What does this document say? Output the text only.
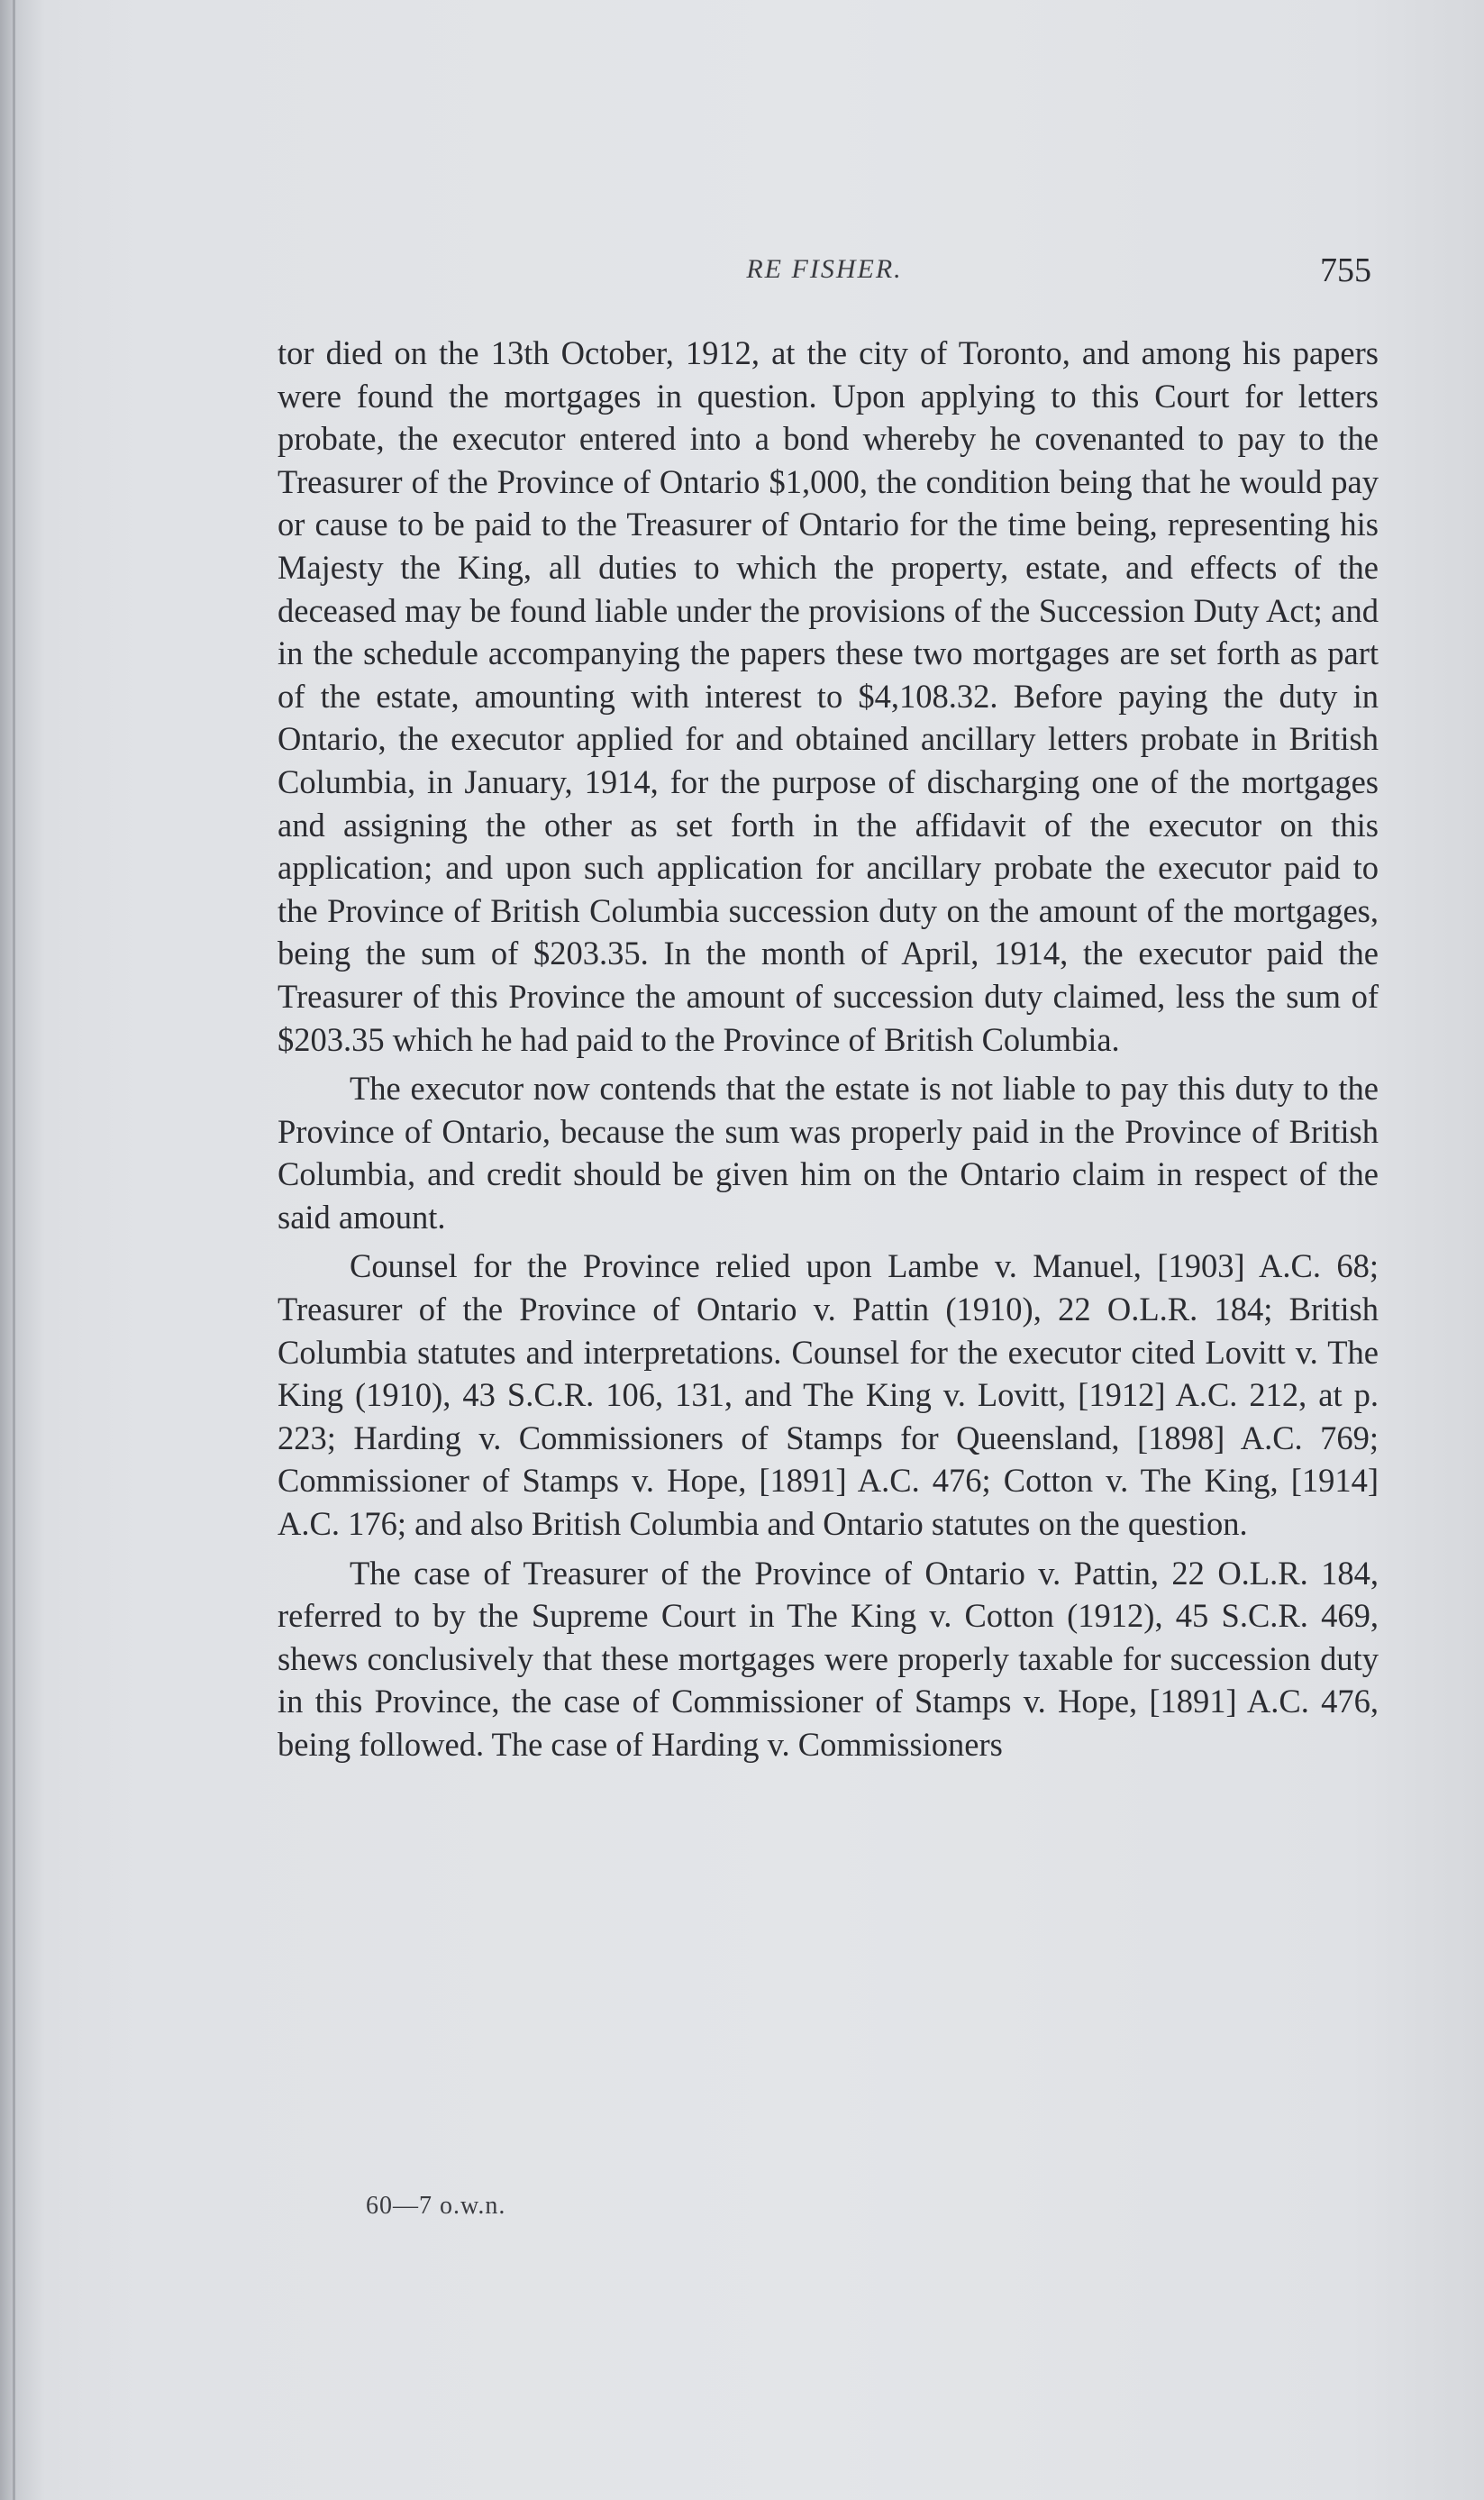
RE FISHER.	755

tor died on the 13th October, 1912, at the city of Toronto, and among his papers were found the mortgages in question. Upon applying to this Court for letters probate, the executor entered into a bond whereby he covenanted to pay to the Treasurer of the Province of Ontario $1,000, the condition being that he would pay or cause to be paid to the Treasurer of Ontario for the time being, representing his Majesty the King, all duties to which the property, estate, and effects of the deceased may be found liable under the provisions of the Succession Duty Act; and in the schedule accompanying the papers these two mortgages are set forth as part of the estate, amounting with interest to $4,108.32. Before paying the duty in Ontario, the executor applied for and obtained ancillary letters probate in British Columbia, in January, 1914, for the purpose of discharging one of the mortgages and assigning the other as set forth in the affidavit of the executor on this application; and upon such application for ancillary probate the executor paid to the Province of British Columbia succession duty on the amount of the mortgages, being the sum of $203.35. In the month of April, 1914, the executor paid the Treasurer of this Province the amount of succession duty claimed, less the sum of $203.35 which he had paid to the Province of British Columbia.

The executor now contends that the estate is not liable to pay this duty to the Province of Ontario, because the sum was properly paid in the Province of British Columbia, and credit should be given him on the Ontario claim in respect of the said amount.

Counsel for the Province relied upon Lambe v. Manuel, [1903] A.C. 68; Treasurer of the Province of Ontario v. Pattin (1910), 22 O.L.R. 184; British Columbia statutes and interpretations. Counsel for the executor cited Lovitt v. The King (1910), 43 S.C.R. 106, 131, and The King v. Lovitt, [1912] A.C. 212, at p. 223; Harding v. Commissioners of Stamps for Queensland, [1898] A.C. 769; Commissioner of Stamps v. Hope, [1891] A.C. 476; Cotton v. The King, [1914] A.C. 176; and also British Columbia and Ontario statutes on the question.

The case of Treasurer of the Province of Ontario v. Pattin, 22 O.L.R. 184, referred to by the Supreme Court in The King v. Cotton (1912), 45 S.C.R. 469, shews conclusively that these mortgages were properly taxable for succession duty in this Province, the case of Commissioner of Stamps v. Hope, [1891] A.C. 476, being followed. The case of Harding v. Commissioners

60—7 o.w.n.
